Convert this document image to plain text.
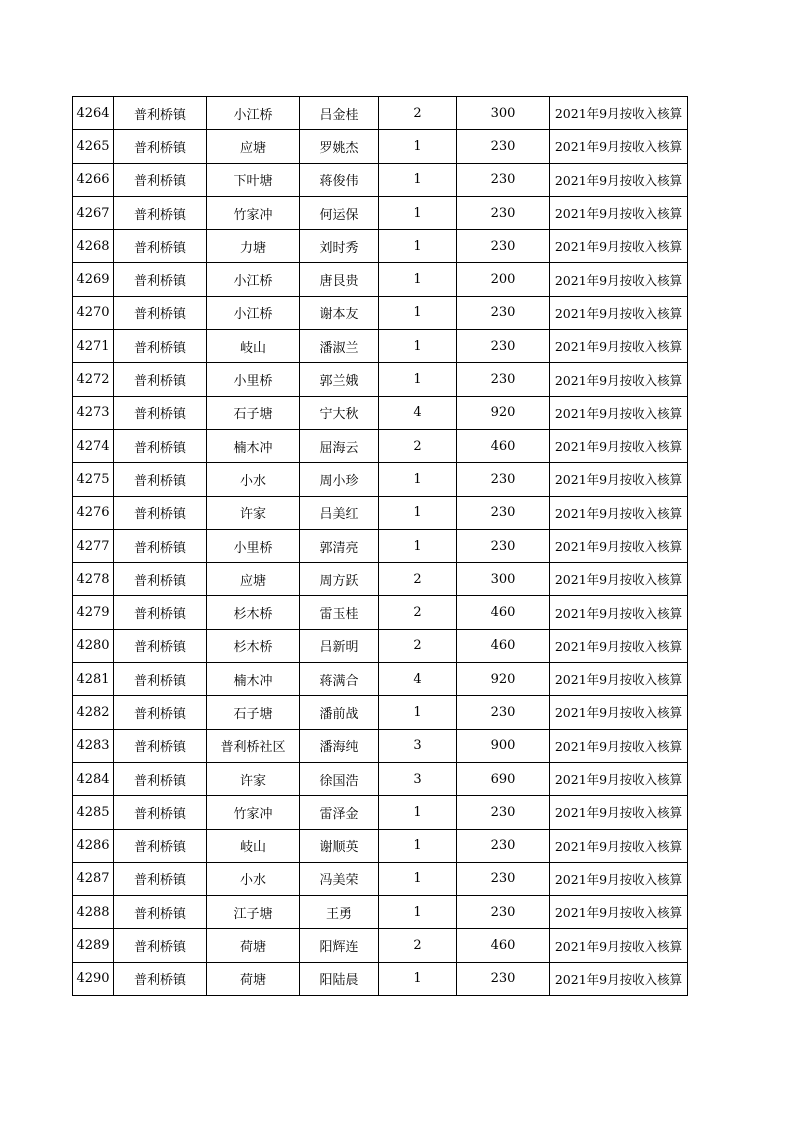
4264	普利桥镇	小江桥	吕金桂	2	300	2021年9月按收入核算
4265	普利桥镇	应塘	罗姚杰	1	230	2021年9月按收入核算
4266	普利桥镇	下叶塘	蒋俊伟	1	230	2021年9月按收入核算
4267	普利桥镇	竹家冲	何运保	1	230	2021年9月按收入核算
4268	普利桥镇	力塘	刘时秀	1	230	2021年9月按收入核算
4269	普利桥镇	小江桥	唐艮贵	1	200	2021年9月按收入核算
4270	普利桥镇	小江桥	谢本友	1	230	2021年9月按收入核算
4271	普利桥镇	岐山	潘淑兰	1	230	2021年9月按收入核算
4272	普利桥镇	小里桥	郭兰娥	1	230	2021年9月按收入核算
4273	普利桥镇	石子塘	宁大秋	4	920	2021年9月按收入核算
4274	普利桥镇	楠木冲	屈海云	2	460	2021年9月按收入核算
4275	普利桥镇	小水	周小珍	1	230	2021年9月按收入核算
4276	普利桥镇	许家	吕美红	1	230	2021年9月按收入核算
4277	普利桥镇	小里桥	郭清亮	1	230	2021年9月按收入核算
4278	普利桥镇	应塘	周方跃	2	300	2021年9月按收入核算
4279	普利桥镇	杉木桥	雷玉桂	2	460	2021年9月按收入核算
4280	普利桥镇	杉木桥	吕新明	2	460	2021年9月按收入核算
4281	普利桥镇	楠木冲	蒋满合	4	920	2021年9月按收入核算
4282	普利桥镇	石子塘	潘前战	1	230	2021年9月按收入核算
4283	普利桥镇	普利桥社区	潘海纯	3	900	2021年9月按收入核算
4284	普利桥镇	许家	徐国浩	3	690	2021年9月按收入核算
4285	普利桥镇	竹家冲	雷泽金	1	230	2021年9月按收入核算
4286	普利桥镇	岐山	谢顺英	1	230	2021年9月按收入核算
4287	普利桥镇	小水	冯美荣	1	230	2021年9月按收入核算
4288	普利桥镇	江子塘	王勇	1	230	2021年9月按收入核算
4289	普利桥镇	荷塘	阳辉连	2	460	2021年9月按收入核算
4290	普利桥镇	荷塘	阳陆晨	1	230	2021年9月按收入核算
